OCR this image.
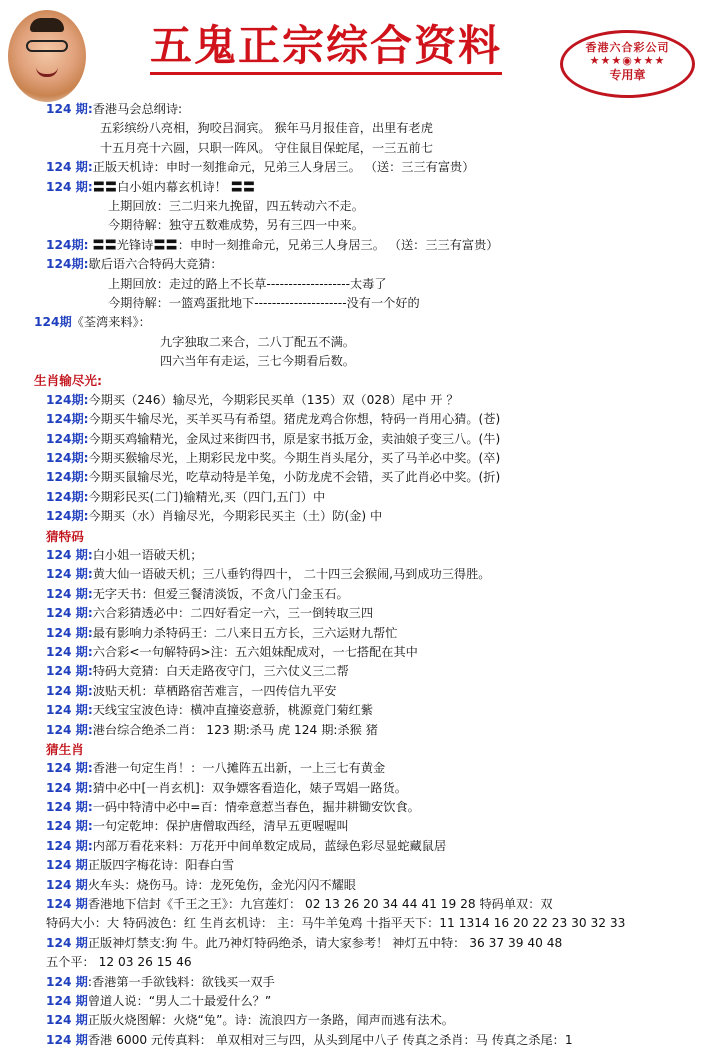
五鬼正宗综合资料	香港六合彩公司
★★★◉★★★
专用章
124 期:香港马会总纲诗:
五彩缤纷八亮相，狗咬吕洞宾。 猴年马月报佳音，出里有老虎
十五月亮十六圆，只职一阵风。 守住鼠目保蛇尾，一三五前七
124 期:正版天机诗：申时一刻推命元，兄弟三人身居三。 （送：三三有富贵）
124 期:〓〓白小姐内幕玄机诗！ 〓〓
上期回放：三二归来九挽留，四五转动六不走。
今期待解：独守五数难成势，另有三四一中来。
124期: 〓〓光锋诗〓〓：申时一刻推命元，兄弟三人身居三。 （送：三三有富贵）
124期:歇后语六合特码大竞猜：
上期回放：走过的路上不长草-------------------太毒了
今期待解：一篮鸡蛋批地下---------------------没有一个好的
124期《荃湾来料》：
九字独取二来合，二八丁配五不满。
四六当年有走运，三七今期看后数。
生肖输尽光:
124期:今期买（246）输尽光，今期彩民买单（135）双（028）尾中 开 ？
124期:今期买牛输尽光，买羊买马有希望。猪虎龙鸡合你想，特码一肖用心猜。(苍)
124期:今期买鸡输精光，金凤过来街四书，原是家书抵万金，卖油娘子变三八。(牛)
124期:今期买猴输尽光，上期彩民龙中奖。今期生肖头尾分，买了马羊必中奖。(卒)
124期:今期买鼠输尽光，吃草动特是羊兔，小防龙虎不会错，买了此肖必中奖。(折)
124期:今期彩民买(二门)输精光,买（四门,五门）中
124期:今期买（水）肖输尽光，今期彩民买主（土）防(金) 中
猜特码
124 期:白小姐一语破天机；
124 期:黄大仙一语破天机；三八垂钓得四十， 二十四三会猴闹,马到成功三得胜。
124 期:无字天书：但爱三餐清淡饭，不贪八门金玉石。
124 期:六合彩猜透必中：二四好看定一六，三一倒转取三四
124 期:最有影响力杀特码王：二八来日五方长，三六运财九帮忙
124 期:六合彩<一句解特码>注：五六姐妹配成对，一七搭配在其中
124 期:特码大竞猜：白天走路夜守门，三六仗义三二帮
124 期:波贴天机：草栖路宿苦难言，一四传信九平安
124 期:天线宝宝波色诗：横冲直撞姿意骄，桃源竟门菊红紫
124 期:港台综合绝杀二肖： 123 期:杀马 虎 124 期:杀猴 猪
猜生肖
124 期:香港一句定生肖！：一八摊阵五出新，一上三七有黄金
124 期:猜中必中[一肖玄机]：双争嫖客看造化，婊子骂娼一路货。
124 期:一码中特清中必中=百：情牵意惹当春色，掘井耕锄安饮食。
124 期:一句定乾坤：保护唐僧取西经，清早五更喔喔叫
124 期:内部万看花来料：万花开中间单数定成局，蓝绿色彩尽显蛇藏鼠居
124 期正版四字梅花诗：阳春白雪
124 期火车头：烧伤马。诗：龙死兔伤，金光闪闪不耀眼
124 期香港地下信封《千王之王》：九宫莲灯： 02 13 26 20 34 44 41 19 28 特码单双：双
特码大小：大 特码波色：红 生肖玄机诗： 主：马牛羊兔鸡 十指平天下：11 1314 16 20 22 23 30 32 33
124 期正版神灯禁支:狗 牛。此乃神灯特码绝杀，请大家参考！ 神灯五中特： 36 37 39 40 48
五个平： 12 03 26 15 46
124 期:香港第一手欲钱料：欲钱买一双手
124 期曾道人说：“男人二十最爱什么？”
124 期正版火烧图解：火烧“兔”。诗：流浪四方一条路，闻声而逃有法术。
124 期香港 6000 元传真料： 单双相对三与四，从头到尾中八子 传真之杀肖：马 传真之杀尾：1
